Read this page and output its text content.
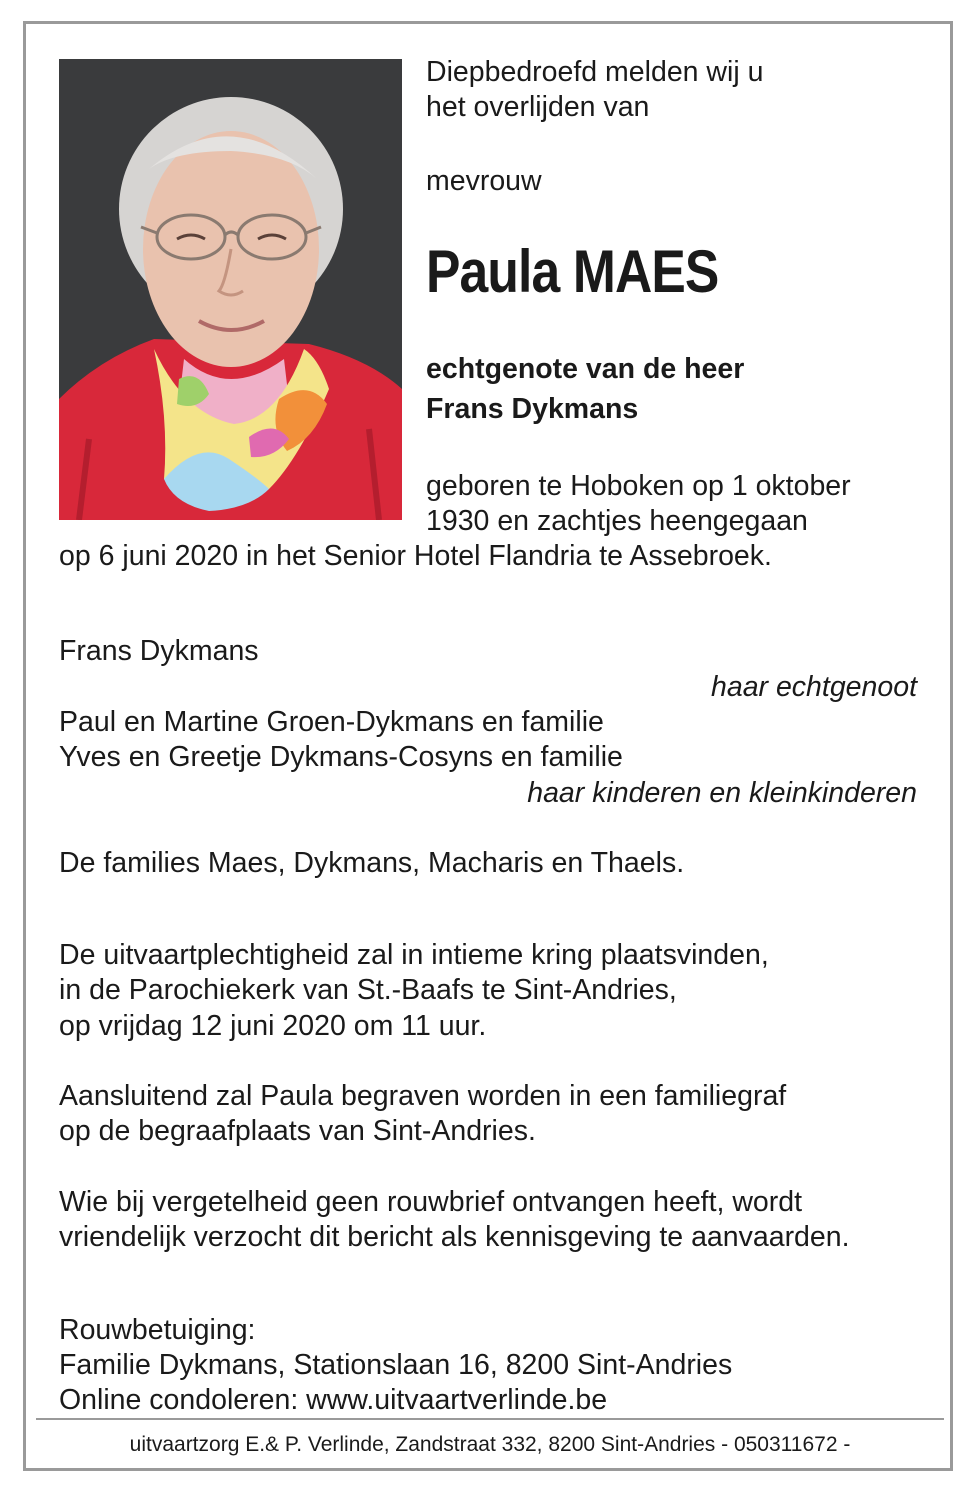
Diepbedroefd melden wij u
het overlijden van
mevrouw
Paula MAES
echtgenote van de heer
Frans Dykmans
geboren te Hoboken op 1 oktober
1930 en zachtjes heengegaan
op 6 juni 2020 in het Senior Hotel Flandria te Assebroek.
Frans Dykmans
haar echtgenoot
Paul en Martine Groen-Dykmans en familie
Yves en Greetje Dykmans-Cosyns en familie
haar kinderen en kleinkinderen
De families Maes, Dykmans, Macharis en Thaels.
De uitvaartplechtigheid zal in intieme kring plaatsvinden,
in de Parochiekerk van St.-Baafs te Sint-Andries,
op vrijdag 12 juni 2020 om 11 uur.
Aansluitend zal Paula begraven worden in een familiegraf
op de begraafplaats van Sint-Andries.
Wie bij vergetelheid geen rouwbrief ontvangen heeft, wordt
vriendelijk verzocht dit bericht als kennisgeving te aanvaarden.
Rouwbetuiging:
Familie Dykmans, Stationslaan 16, 8200 Sint-Andries
Online condoleren: www.uitvaartverlinde.be
uitvaartzorg E.& P. Verlinde, Zandstraat 332, 8200 Sint-Andries - 050311672 -
